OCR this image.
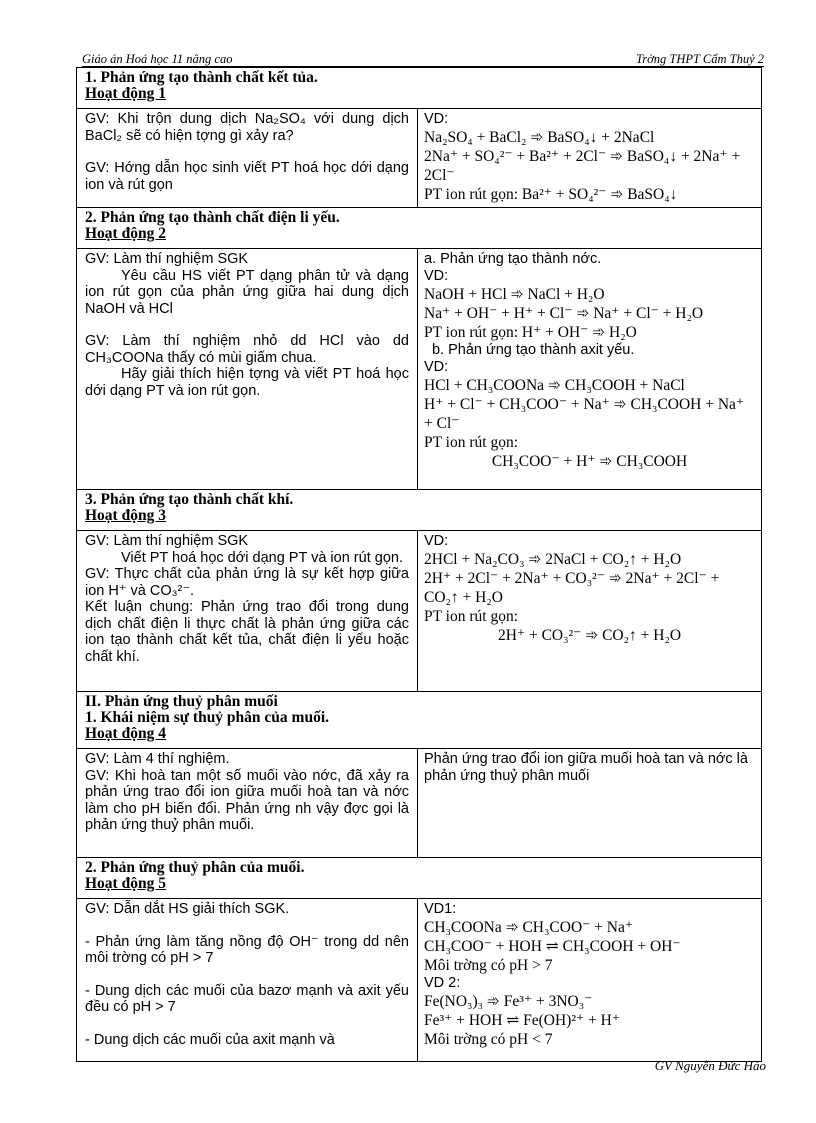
Giáo án Hoá học 11 nâng cao	Trờng THPT Cẩm Thuỷ 2
1. Phản ứng tạo thành chất kết tủa.
Hoạt động 1
GV: Khi trộn dung dịch Na₂SO₄ với dung dịch BaCl₂ sẽ có hiện tợng gì xảy ra?
GV: Hớng dẫn học sinh viết PT hoá học dới dạng ion và rút gọn
VD:
Na₂SO₄ + BaCl₂ ➾ BaSO₄↓ + 2NaCl
2Na⁺ + SO₄²⁻ + Ba²⁺ + 2Cl⁻ ➾ BaSO₄↓ + 2Na⁺ + 2Cl⁻
PT ion rút gọn: Ba²⁺ + SO₄²⁻ ➾ BaSO₄↓
2. Phản ứng tạo thành chất điện li yếu.
Hoạt động 2
GV: Làm thí nghiệm SGK
Yêu cầu HS viết PT dạng phân tử và dạng ion rút gọn của phản ứng giữa hai dung dịch NaOH và HCl
GV: Làm thí nghiệm nhỏ dd HCl vào dd CH₃COONa thấy có mùi giấm chua.
Hãy giải thích hiện tợng và viết PT hoá học dới dạng PT và ion rút gọn.
a. Phản ứng tạo thành nớc.
VD:
NaOH + HCl ➾ NaCl + H₂O
Na⁺ + OH⁻ + H⁺ + Cl⁻ ➾ Na⁺ + Cl⁻ + H₂O
PT ion rút gọn: H⁺ + OH⁻ ➾ H₂O
b. Phản ứng tạo thành axit yếu.
VD:
HCl + CH₃COONa ➾ CH₃COOH + NaCl
H⁺ + Cl⁻ + CH₃COO⁻ + Na⁺ ➾ CH₃COOH + Na⁺ + Cl⁻
PT ion rút gọn:
CH₃COO⁻ + H⁺ ➾ CH₃COOH
3. Phản ứng tạo thành chất khí.
Hoạt động 3
GV: Làm thí nghiệm SGK
Viết PT hoá học dới dạng PT và ion rút gọn.
GV: Thực chất của phản ứng là sự kết hợp giữa ion H⁺ và CO₃²⁻.
Kết luận chung: Phản ứng trao đổi trong dung dịch chất điện li thực chất là phản ứng giữa các ion tạo thành chất kết tủa, chất điện li yếu hoặc chất khí.
VD:
2HCl + Na₂CO₃ ➾ 2NaCl + CO₂↑ + H₂O
2H⁺ + 2Cl⁻ + 2Na⁺ + CO₃²⁻ ➾ 2Na⁺ + 2Cl⁻ + CO₂↑ + H₂O
PT ion rút gọn:
2H⁺ + CO₃²⁻ ➾ CO₂↑ + H₂O
II. Phản ứng thuỷ phân muối
1. Khái niệm sự thuỷ phân của muối.
Hoạt động 4
GV: Làm 4 thí nghiệm.
GV: Khi hoà tan một số muối vào nớc, đã xảy ra phản ứng trao đổi ion giữa muối hoà tan và nớc làm cho pH biến đổi. Phản ứng nh vậy đợc gọi là phản ứng thuỷ phân muối.
Phản ứng trao đổi ion giữa muối hoà tan và nớc là phản ứng thuỷ phân muối
2. Phản ứng thuỷ phân của muối.
Hoạt động 5
GV: Dẫn dắt HS giải thích SGK.
- Phản ứng làm tăng nồng độ OH⁻ trong dd nên môi trờng có pH > 7
- Dung dịch các muối của bazơ mạnh và axit yếu đều có pH > 7
- Dung dịch các muối của axit mạnh và
VD1:
CH₃COONa ➾ CH₃COO⁻ + Na⁺
CH₃COO⁻ + HOH ⇌ CH₃COOH + OH⁻
Môi trờng có pH > 7
VD 2:
Fe(NO₃)₃ ➾ Fe³⁺ + 3NO₃⁻
Fe³⁺ + HOH ⇌ Fe(OH)²⁺ + H⁺
Môi trờng có pH < 7
GV Nguyễn Đức Hào
